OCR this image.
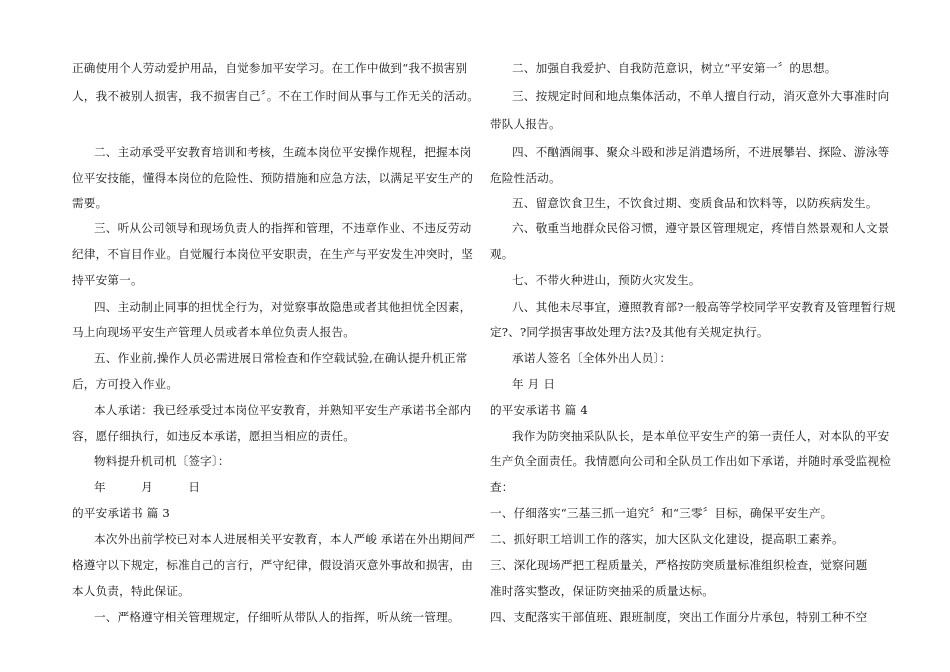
正确使用个人劳动爱护用品，自觉参加平安学习。在工作中做到“我不损害别
人，我不被别人损害，我不损害自己〞。不在工作时间从事与工作无关的活动。
二、主动承受平安教育培训和考核，生疏本岗位平安操作规程，把握本岗
位平安技能，懂得本岗位的危险性、预防措施和应急方法，以满足平安生产的
需要。
三、听从公司领导和现场负责人的指挥和管理，不违章作业、不违反劳动
纪律，不盲目作业。自觉履行本岗位平安职责，在生产与平安发生冲突时，坚
持平安第一。
四、主动制止同事的担忧全行为，对觉察事故隐患或者其他担忧全因素，
马上向现场平安生产管理人员或者本单位负责人报告。
五、作业前,操作人员必需进展日常检查和作空载试验,在确认提升机正常
后，方可投入作业。
本人承诺：我已经承受过本岗位平安教育，并熟知平安生产承诺书全部内
容，愿仔细执行，如违反本承诺，愿担当相应的责任。
物料提升机司机〔签字〕：
年　　　月　　　日
的平安承诺书 篇 3
本次外出前学校已对本人进展相关平安教育，本人严峻 承诺在外出期间严
格遵守以下规定，标准自己的言行，严守纪律，假设消灭意外事故和损害，由
本人负责，特此保证。
一、严格遵守相关管理规定，仔细听从带队人的指挥，听从统一管理。
二、加强自我爱护、自我防范意识，树立“平安第一〞的思想。
三、按规定时间和地点集体活动，不单人擅自行动，消灭意外大事准时向
带队人报告。
四、不酗酒闹事、聚众斗殴和涉足消遣场所，不进展攀岩、探险、游泳等
危险性活动。
五、留意饮食卫生，不饮食过期、变质食品和饮料等，以防疾病发生。
六、敬重当地群众民俗习惯，遵守景区管理规定，疼惜自然景观和人文景
观。
七、不带火种进山，预防火灾发生。
八、其他未尽事宜，遵照教育部?一般高等学校同学平安教育及管理暂行规
定?、?同学损害事故处理方法?及其他有关规定执行。
承诺人签名〔全体外出人员〕：
年 月 日
的平安承诺书 篇 4
我作为防突抽采队队长，是本单位平安生产的第一责任人，对本队的平安
生产负全面责任。我情愿向公司和全队员工作出如下承诺，并随时承受监视检
查：
一、仔细落实“三基三抓一追究〞和“三零〞目标，确保平安生产。
二、抓好职工培训工作的落实，加大区队文化建设，提高职工素养。
三、深化现场严把工程质量关，严格按防突质量标准组织检查，觉察问题
准时落实整改，保证防突抽采的质量达标。
四、支配落实干部值班、跟班制度，突出工作面分片承包，特别工种不空
